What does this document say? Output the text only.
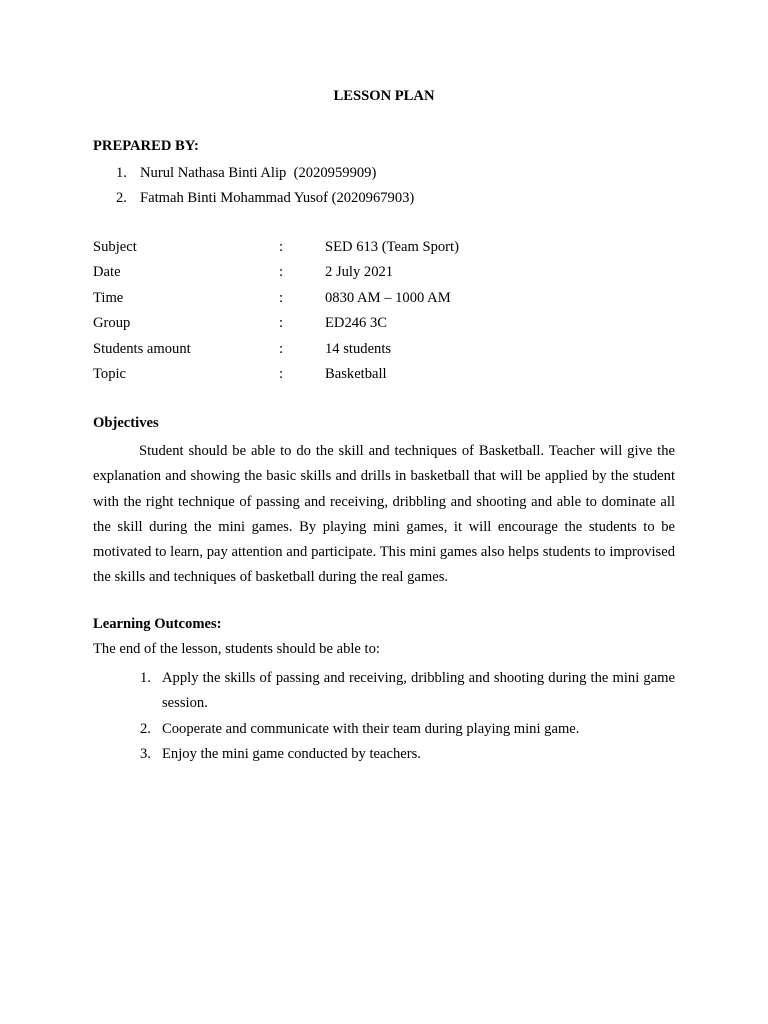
LESSON PLAN
PREPARED BY:
1. Nurul Nathasa Binti Alip  (2020959909)
2. Fatmah Binti Mohammad Yusof (2020967903)
Subject	:	SED 613 (Team Sport)
Date	:	2 July 2021
Time	:	0830 AM – 1000 AM
Group	:	ED246 3C
Students amount	:	14 students
Topic	:	Basketball
Objectives

Student should be able to do the skill and techniques of Basketball. Teacher will give the explanation and showing the basic skills and drills in basketball that will be applied by the student with the right technique of passing and receiving, dribbling and shooting and able to dominate all the skill during the mini games. By playing mini games, it will encourage the students to be motivated to learn, pay attention and participate. This mini games also helps students to improvised the skills and techniques of basketball during the real games.

Learning Outcomes:
The end of the lesson, students should be able to:
1. Apply the skills of passing and receiving, dribbling and shooting during the mini game session.
2. Cooperate and communicate with their team during playing mini game.
3. Enjoy the mini game conducted by teachers.
